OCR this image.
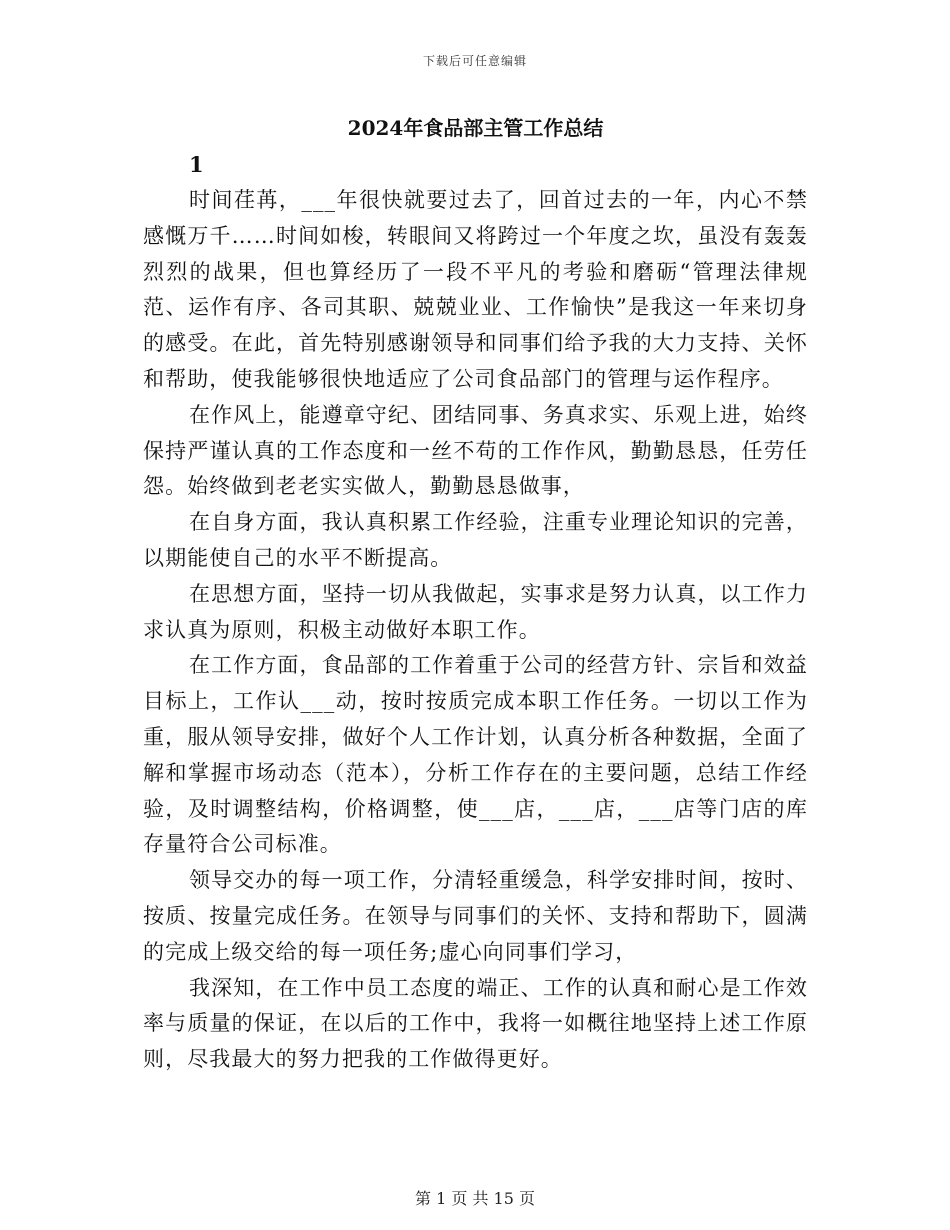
下载后可任意编辑
2024年食品部主管工作总结
1

时间荏苒，___年很快就要过去了，回首过去的一年，内心不禁感慨万千……时间如梭，转眼间又将跨过一个年度之坎，虽没有轰轰烈烈的战果，但也算经历了一段不平凡的考验和磨砺“管理法律规范、运作有序、各司其职、兢兢业业、工作愉快”是我这一年来切身的感受。在此，首先特别感谢领导和同事们给予我的大力支持、关怀和帮助，使我能够很快地适应了公司食品部门的管理与运作程序。

在作风上，能遵章守纪、团结同事、务真求实、乐观上进，始终保持严谨认真的工作态度和一丝不苟的工作作风，勤勤恳恳，任劳任怨。始终做到老老实实做人，勤勤恳恳做事，

在自身方面，我认真积累工作经验，注重专业理论知识的完善，以期能使自己的水平不断提高。

在思想方面，坚持一切从我做起，实事求是努力认真，以工作力求认真为原则，积极主动做好本职工作。

在工作方面，食品部的工作着重于公司的经营方针、宗旨和效益目标上，工作认___动，按时按质完成本职工作任务。一切以工作为重，服从领导安排，做好个人工作计划，认真分析各种数据，全面了解和掌握市场动态（范本），分析工作存在的主要问题，总结工作经验，及时调整结构，价格调整，使___店，___店，___店等门店的库存量符合公司标准。

领导交办的每一项工作，分清轻重缓急，科学安排时间，按时、按质、按量完成任务。在领导与同事们的关怀、支持和帮助下，圆满的完成上级交给的每一项任务;虚心向同事们学习，

我深知，在工作中员工态度的端正、工作的认真和耐心是工作效率与质量的保证，在以后的工作中，我将一如概往地坚持上述工作原则，尽我最大的努力把我的工作做得更好。

第 1 页 共 15 页
